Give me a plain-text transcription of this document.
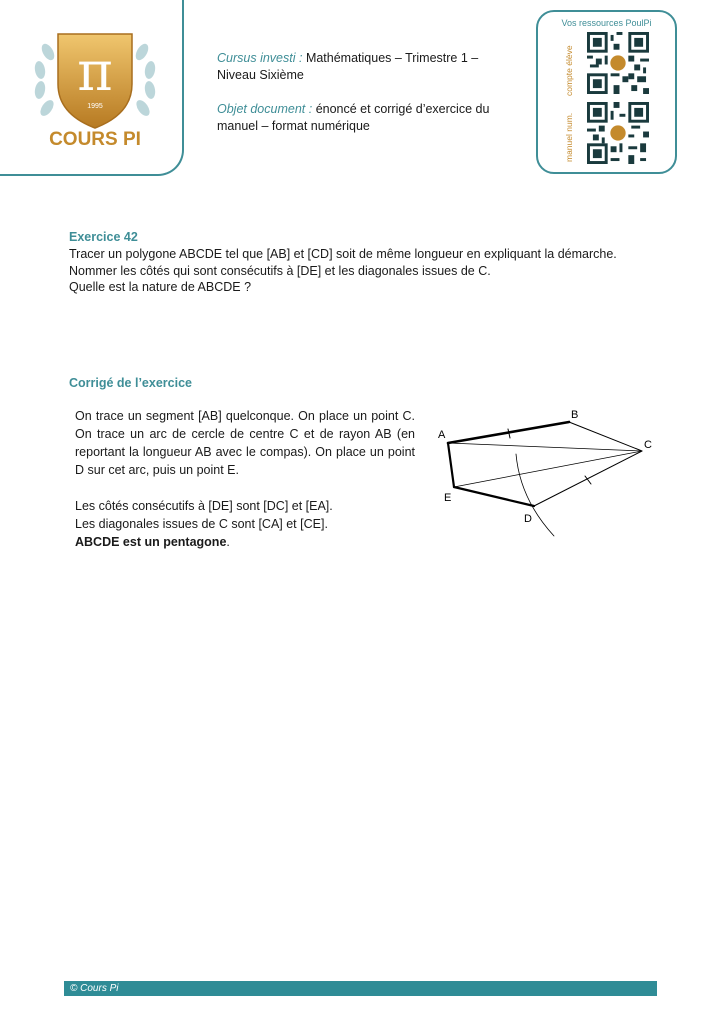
π
1995
COURS PI

Cursus investi : Mathématiques – Trimestre 1 –
Niveau Sixième

Objet document : énoncé et corrigé d’exercice du
manuel – format numérique

Vos ressources PoulPi
compte élève
manuel num.
Exercice 42
Tracer un polygone ABCDE tel que [AB] et [CD] soit de même longueur en expliquant la démarche.
Nommer les côtés qui sont consécutifs à [DE] et les diagonales issues de C.
Quelle est la nature de ABCDE ?
Corrigé de l’exercice

On trace un segment [AB] quelconque. On place un point C. On trace un arc de cercle de centre C et de rayon AB (en reportant la longueur AB avec le compas). On place un point D sur cet arc, puis un point E.

Les côtés consécutifs à [DE] sont [DC] et [EA].

Les diagonales issues de C sont [CA] et [CE].

ABCDE est un pentagone.

A
B
C
D
E
© Cours Pi
